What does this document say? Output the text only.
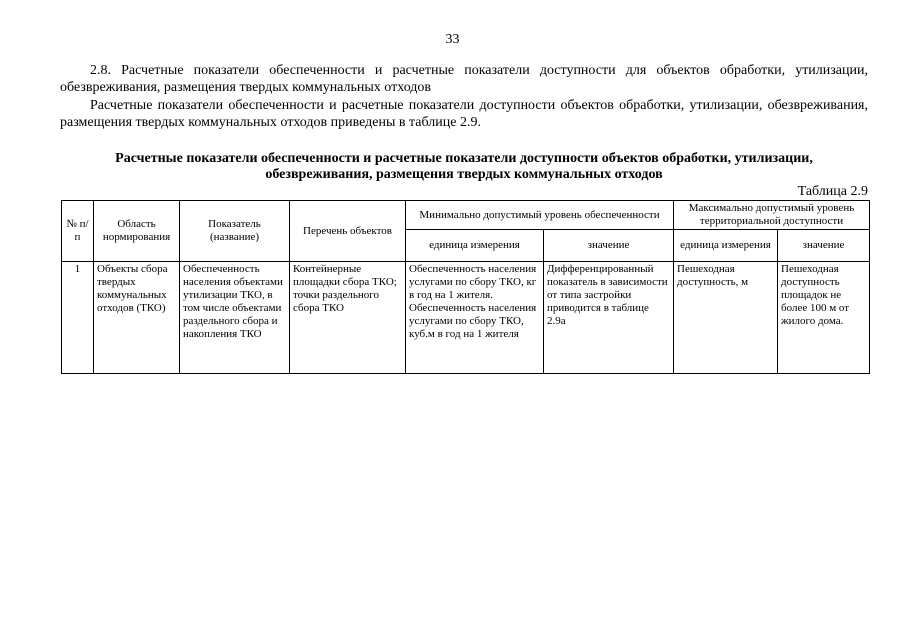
33
2.8. Расчетные показатели обеспеченности и расчетные показатели доступности для объектов обработки, утилизации, обезвреживания, размещения твердых коммунальных отходов
Расчетные показатели обеспеченности и расчетные показатели доступности объектов обработки, утилизации, обезвреживания, размещения твердых коммунальных отходов приведены в таблице 2.9.
Расчетные показатели обеспеченности и расчетные показатели доступности объектов обработки, утилизации,
обезвреживания, размещения твердых коммунальных отходов
Таблица 2.9
№ п/п	Область нормирования	Показатель (название)	Перечень объектов	Минимально допустимый уровень обеспеченности		Максимально допустимый уровень территориальной доступности	
				единица измерения	значение	единица измерения	значение
1	Объекты сбора твердых коммунальных отходов (ТКО)	Обеспеченность населения объектами утилизации ТКО, в том числе объектами раздельного сбора и накопления ТКО	Контейнерные площадки сбора ТКО; точки раздельного сбора ТКО	Обеспеченность населения услугами по сбору ТКО, кг в год на 1 жителя. Обеспеченность населения услугами по сбору ТКО, куб.м в год на 1 жителя	Дифференцированный показатель в зависимости от типа застройки приводится в таблице 2.9а	Пешеходная доступность, м	Пешеходная доступность площадок не более 100 м от жилого дома.
